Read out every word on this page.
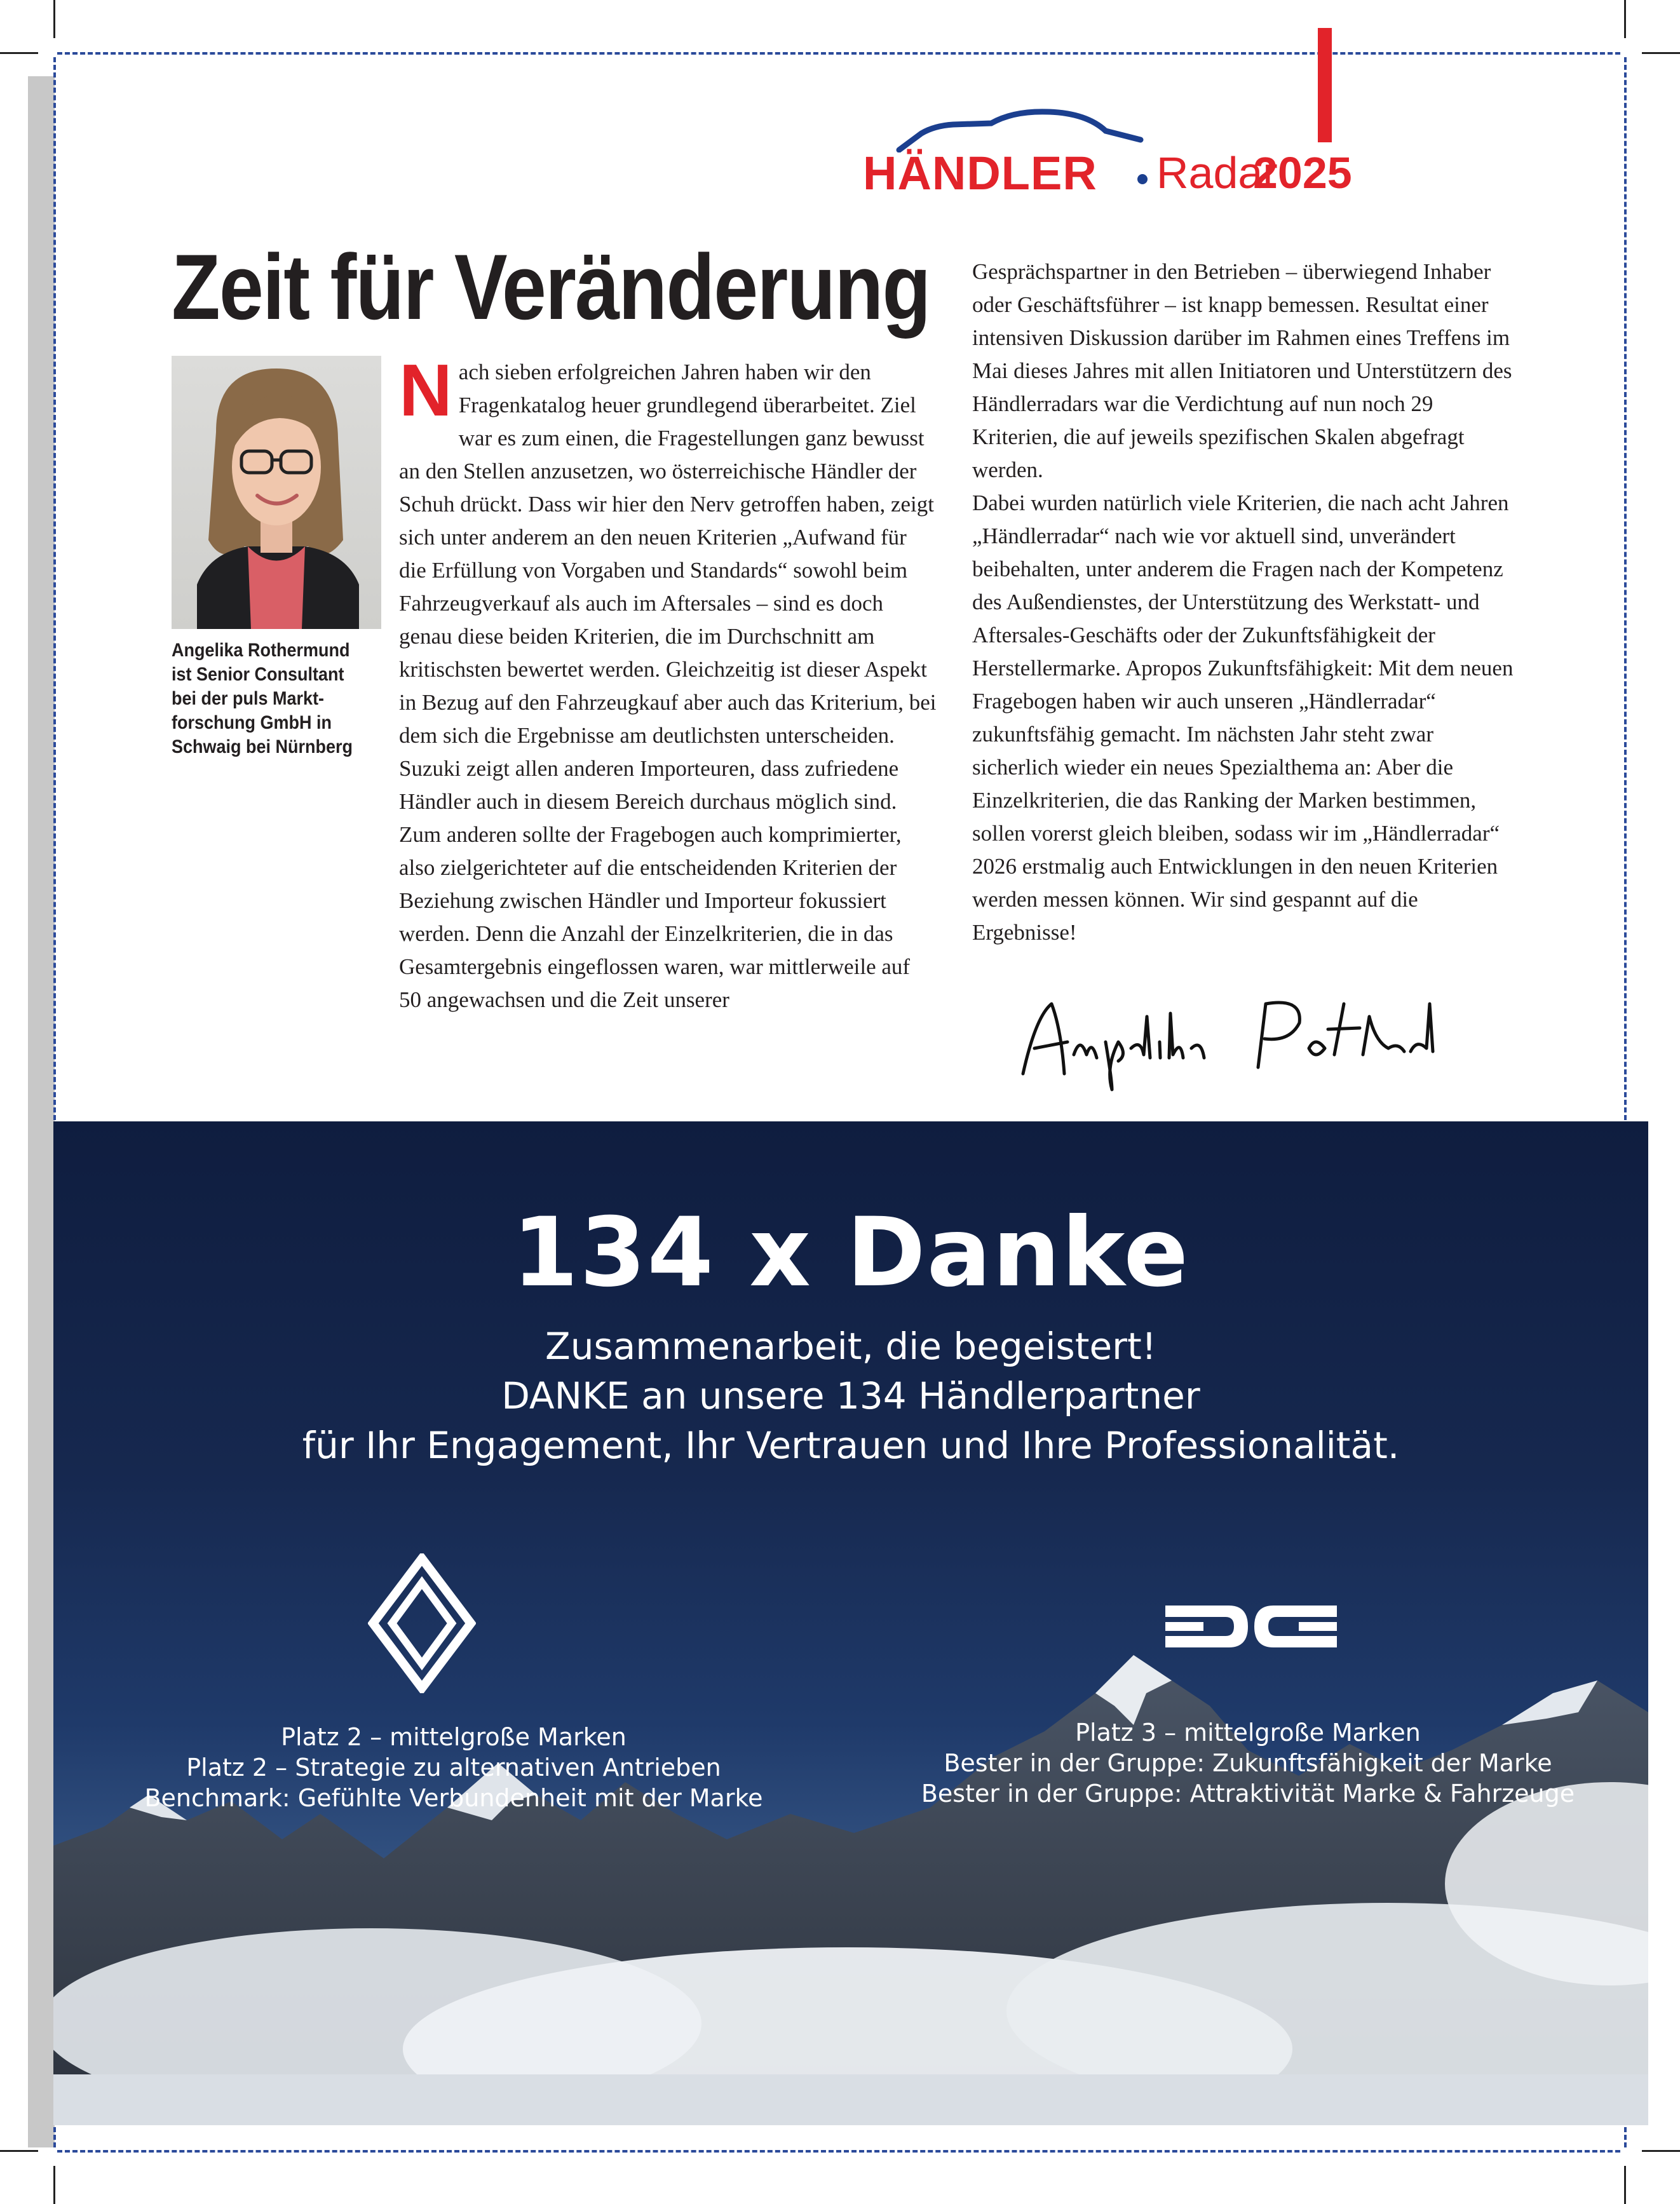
HÄNDLER Radar
2025
Zeit für Veränderung
Angelika Rothermund
ist Senior Consultant
bei der puls Markt-
forschung GmbH in
Schwaig bei Nürnberg

Nach sieben erfolgreichen Jahren haben wir den Fragenkatalog heuer grundlegend überarbeitet. Ziel war es zum einen, die Fragestellungen ganz bewusst an den Stellen anzusetzen, wo österreichische Händler der Schuh drückt. Dass wir hier den Nerv getroffen haben, zeigt sich unter anderem an den neuen Kriterien „Aufwand für die Erfüllung von Vorgaben und Standards“ sowohl beim Fahrzeugverkauf als auch im Aftersales – sind es doch genau diese beiden Kriterien, die im Durchschnitt am kritischsten bewertet werden. Gleichzeitig ist dieser Aspekt in Bezug auf den Fahrzeugkauf aber auch das Kriterium, bei dem sich die Ergebnisse am deutlichsten unterscheiden. Suzuki zeigt allen anderen Importeuren, dass zufriedene Händler auch in diesem Bereich durchaus möglich sind.

Zum anderen sollte der Fragebogen auch komprimierter, also zielgerichteter auf die entscheidenden Kriterien der Beziehung zwischen Händler und Importeur fokussiert werden. Denn die Anzahl der Einzelkriterien, die in das Gesamtergebnis eingeflossen waren, war mittlerweile auf 50 angewachsen und die Zeit unserer

Gesprächspartner in den Betrieben – überwiegend Inhaber oder Geschäftsführer – ist knapp bemessen. Resultat einer intensiven Diskussion darüber im Rahmen eines Treffens im Mai dieses Jahres mit allen Initiatoren und Unterstützern des Händlerradars war die Verdichtung auf nun noch 29 Kriterien, die auf jeweils spezifischen Skalen abgefragt werden.

Dabei wurden natürlich viele Kriterien, die nach acht Jahren „Händlerradar“ nach wie vor aktuell sind, unverändert beibehalten, unter anderem die Fragen nach der Kompetenz des Außendienstes, der Unterstützung des Werkstatt- und Aftersales-Geschäfts oder der Zukunftsfähigkeit der Herstellermarke. Apropos Zukunftsfähigkeit: Mit dem neuen Fragebogen haben wir auch unseren „Händlerradar“ zukunftsfähig gemacht. Im nächsten Jahr steht zwar sicherlich wieder ein neues Spezialthema an: Aber die Einzelkriterien, die das Ranking der Marken bestimmen, sollen vorerst gleich bleiben, sodass wir im „Händlerradar“ 2026 erstmalig auch Entwicklungen in den neuen Kriterien werden messen können. Wir sind gespannt auf die Ergebnisse!

134 x Danke
Zusammenarbeit, die begeistert!
DANKE an unsere 134 Händlerpartner
für Ihr Engagement, Ihr Vertrauen und Ihre Professionalität.
Platz 2 – mittelgroße Marken
Platz 2 – Strategie zu alternativen Antrieben
Benchmark: Gefühlte Verbundenheit mit der Marke
Platz 3 – mittelgroße Marken
Bester in der Gruppe: Zukunftsfähigkeit der Marke
Bester in der Gruppe: Attraktivität Marke & Fahrzeuge
